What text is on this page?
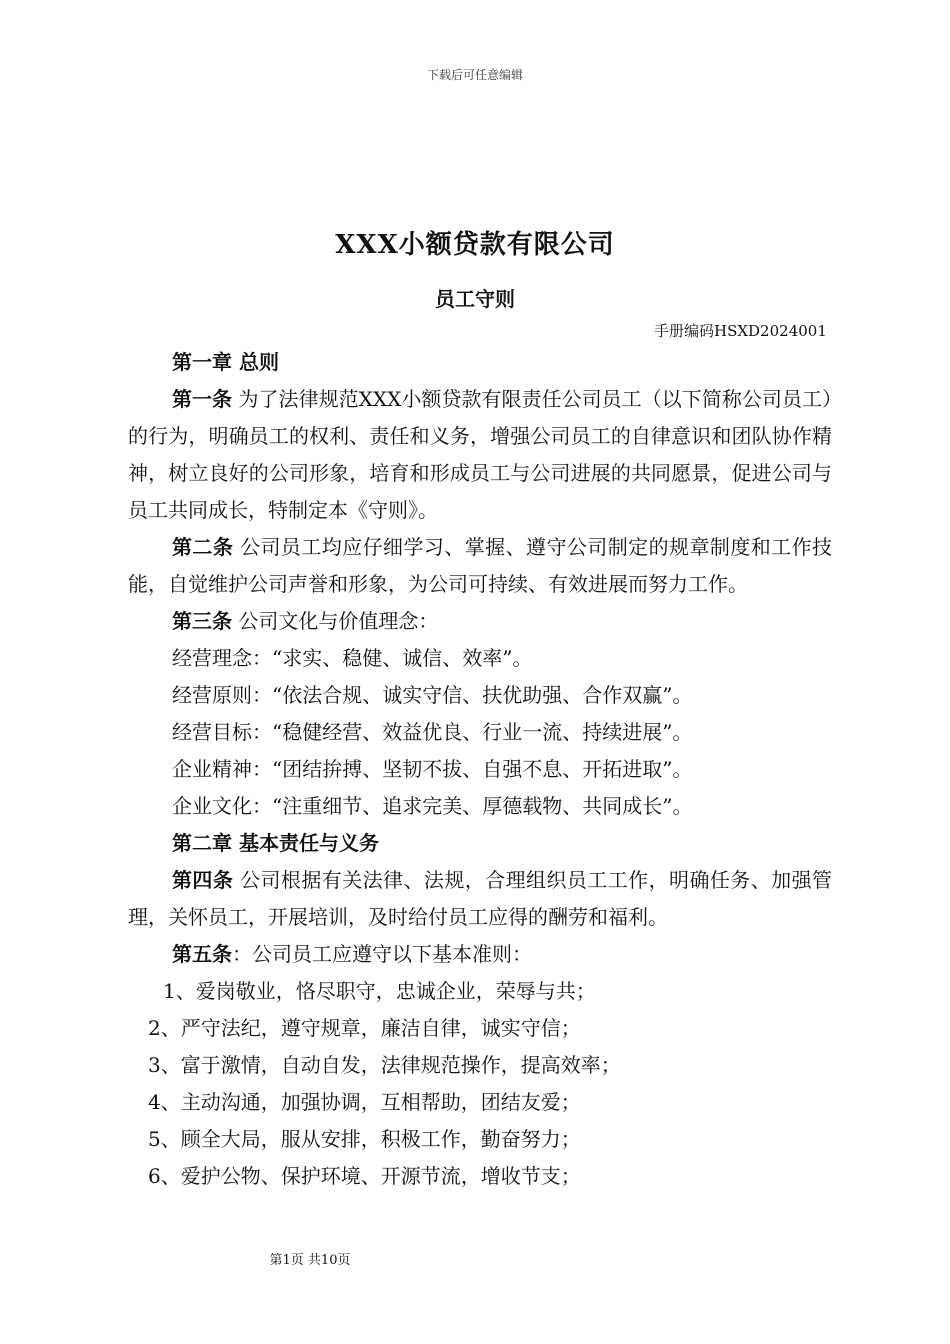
下载后可任意编辑
XXX小额贷款有限公司
员工守则
手册编码HSXD2024001

第一章 总则

第一条 为了法律规范XXX小额贷款有限责任公司员工（以下简称公司员工）的行为，明确员工的权利、责任和义务，增强公司员工的自律意识和团队协作精神，树立良好的公司形象，培育和形成员工与公司进展的共同愿景，促进公司与员工共同成长，特制定本《守则》。

第二条 公司员工均应仔细学习、掌握、遵守公司制定的规章制度和工作技能，自觉维护公司声誉和形象，为公司可持续、有效进展而努力工作。

第三条 公司文化与价值理念：

经营理念：“求实、稳健、诚信、效率”。

经营原则：“依法合规、诚实守信、扶优助强、合作双赢”。

经营目标：“稳健经营、效益优良、行业一流、持续进展”。

企业精神：“团结拚搏、坚韧不拔、自强不息、开拓进取”。

企业文化：“注重细节、追求完美、厚德载物、共同成长”。

第二章 基本责任与义务

第四条 公司根据有关法律、法规，合理组织员工工作，明确任务、加强管理，关怀员工，开展培训，及时给付员工应得的酬劳和福利。

第五条：公司员工应遵守以下基本准则：

1、爱岗敬业，恪尽职守，忠诚企业，荣辱与共；

2、严守法纪，遵守规章，廉洁自律，诚实守信；

3、富于激情，自动自发，法律规范操作，提高效率；

4、主动沟通，加强协调，互相帮助，团结友爱；

5、顾全大局，服从安排，积极工作，勤奋努力；

6、爱护公物、保护环境、开源节流，增收节支；

第1页 共10页
